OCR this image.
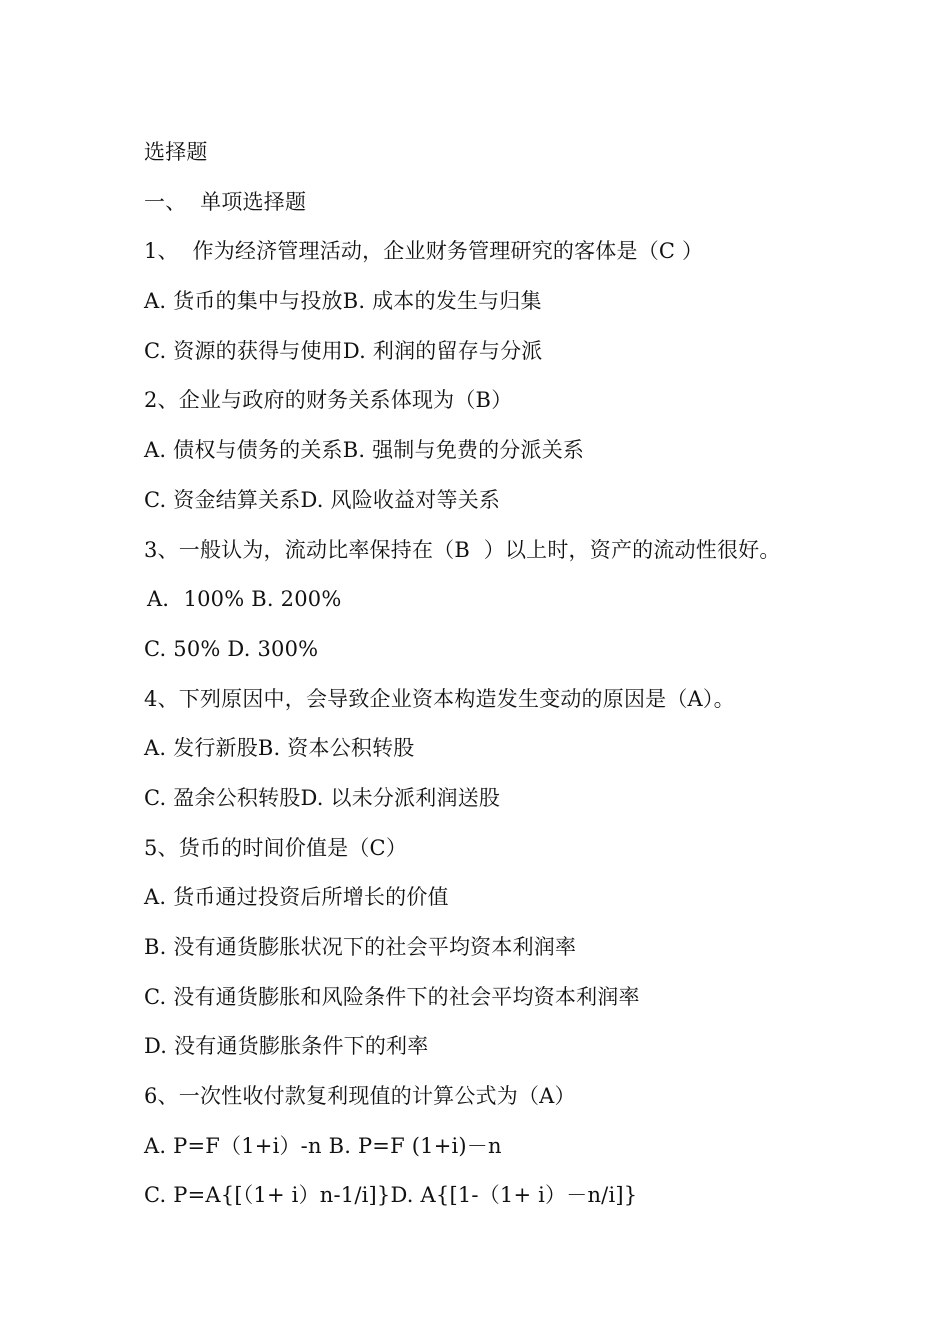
选择题
一、  单项选择题
1、  作为经济管理活动，企业财务管理研究的客体是（C ）
A. 货币的集中与投放B. 成本的发生与归集
C. 资源的获得与使用D. 利润的留存与分派
2、企业与政府的财务关系体现为（B）
A. 债权与债务的关系B. 强制与免费的分派关系
C. 资金结算关系D. 风险收益对等关系
3、一般认为，流动比率保持在（B  ）以上时，资产的流动性很好。
A．100% B. 200%
C. 50% D. 300%
4、下列原因中，会导致企业资本构造发生变动的原因是（A）。
A. 发行新股B. 资本公积转股
C. 盈余公积转股D. 以未分派利润送股
5、货币的时间价值是（C）
A. 货币通过投资后所增长的价值
B. 没有通货膨胀状况下的社会平均资本利润率
C. 没有通货膨胀和风险条件下的社会平均资本利润率
D. 没有通货膨胀条件下的利率
6、一次性收付款复利现值的计算公式为（A）
A. P=F（1+i）-n B. P=F (1+i)－n
C. P=A{[（1+ i）n-1/i]}D. A{[1-（1+ i）－n/i]}
